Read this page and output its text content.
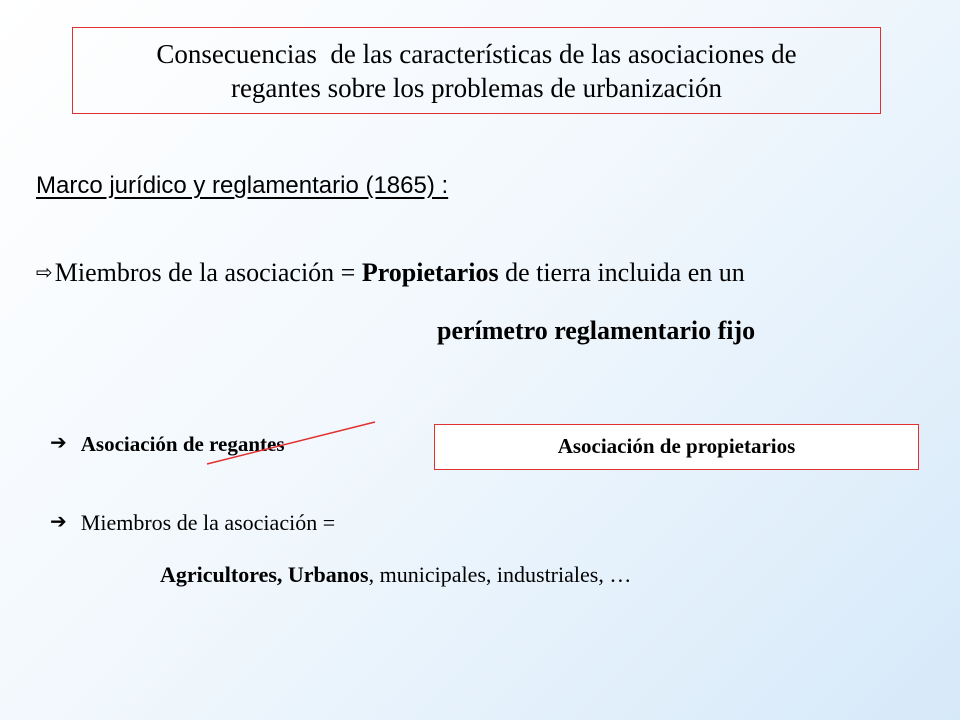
Consecuencias  de las características de las asociaciones de
regantes sobre los problemas de urbanización
Marco jurídico y reglamentario (1865) :
⇨Miembros de la asociación = Propietarios de tierra incluida en un
perímetro reglamentario fijo
➔ Asociación de regantes	Asociación de propietarios
➔ Miembros de la asociación =
Agricultores, Urbanos, municipales, industriales, …
